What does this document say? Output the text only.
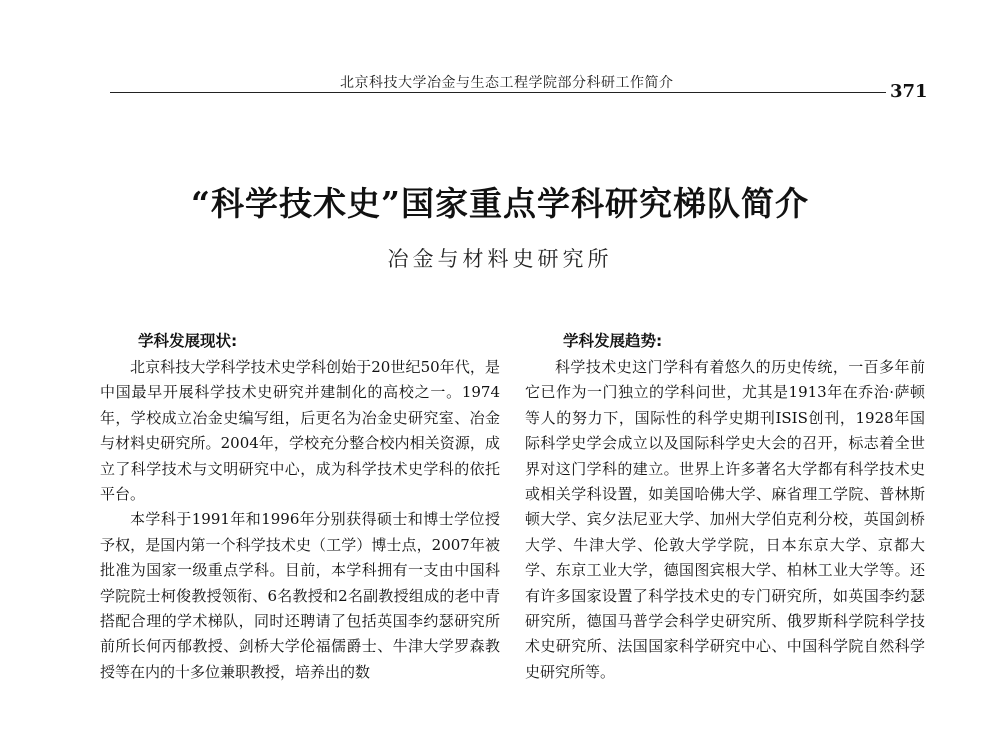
北京科技大学冶金与生态工程学院部分科研工作简介	371
“科学技术史”国家重点学科研究梯队简介
冶金与材料史研究所
学科发展现状:

北京科技大学科学技术史学科创始于20世纪50年代，是中国最早开展科学技术史研究并建制化的高校之一。1974年，学校成立冶金史编写组，后更名为冶金史研究室、冶金与材料史研究所。2004年，学校充分整合校内相关资源，成立了科学技术与文明研究中心，成为科学技术史学科的依托平台。

本学科于1991年和1996年分别获得硕士和博士学位授予权，是国内第一个科学技术史（工学）博士点，2007年被批准为国家一级重点学科。目前，本学科拥有一支由中国科学院院士柯俊教授领衔、6名教授和2名副教授组成的老中青搭配合理的学术梯队，同时还聘请了包括英国李约瑟研究所前所长何丙郁教授、剑桥大学伦福儒爵士、牛津大学罗森教授等在内的十多位兼职教授，培养出的数

学科发展趋势:

科学技术史这门学科有着悠久的历史传统，一百多年前它已作为一门独立的学科问世，尤其是1913年在乔治·萨顿等人的努力下，国际性的科学史期刊ISIS创刊，1928年国际科学史学会成立以及国际科学史大会的召开，标志着全世界对这门学科的建立。世界上许多著名大学都有科学技术史或相关学科设置，如美国哈佛大学、麻省理工学院、普林斯顿大学、宾夕法尼亚大学、加州大学伯克利分校，英国剑桥大学、牛津大学、伦敦大学学院，日本东京大学、京都大学、东京工业大学，德国图宾根大学、柏林工业大学等。还有许多国家设置了科学技术史的专门研究所，如英国李约瑟研究所，德国马普学会科学史研究所、俄罗斯科学院科学技术史研究所、法国国家科学研究中心、中国科学院自然科学史研究所等。
